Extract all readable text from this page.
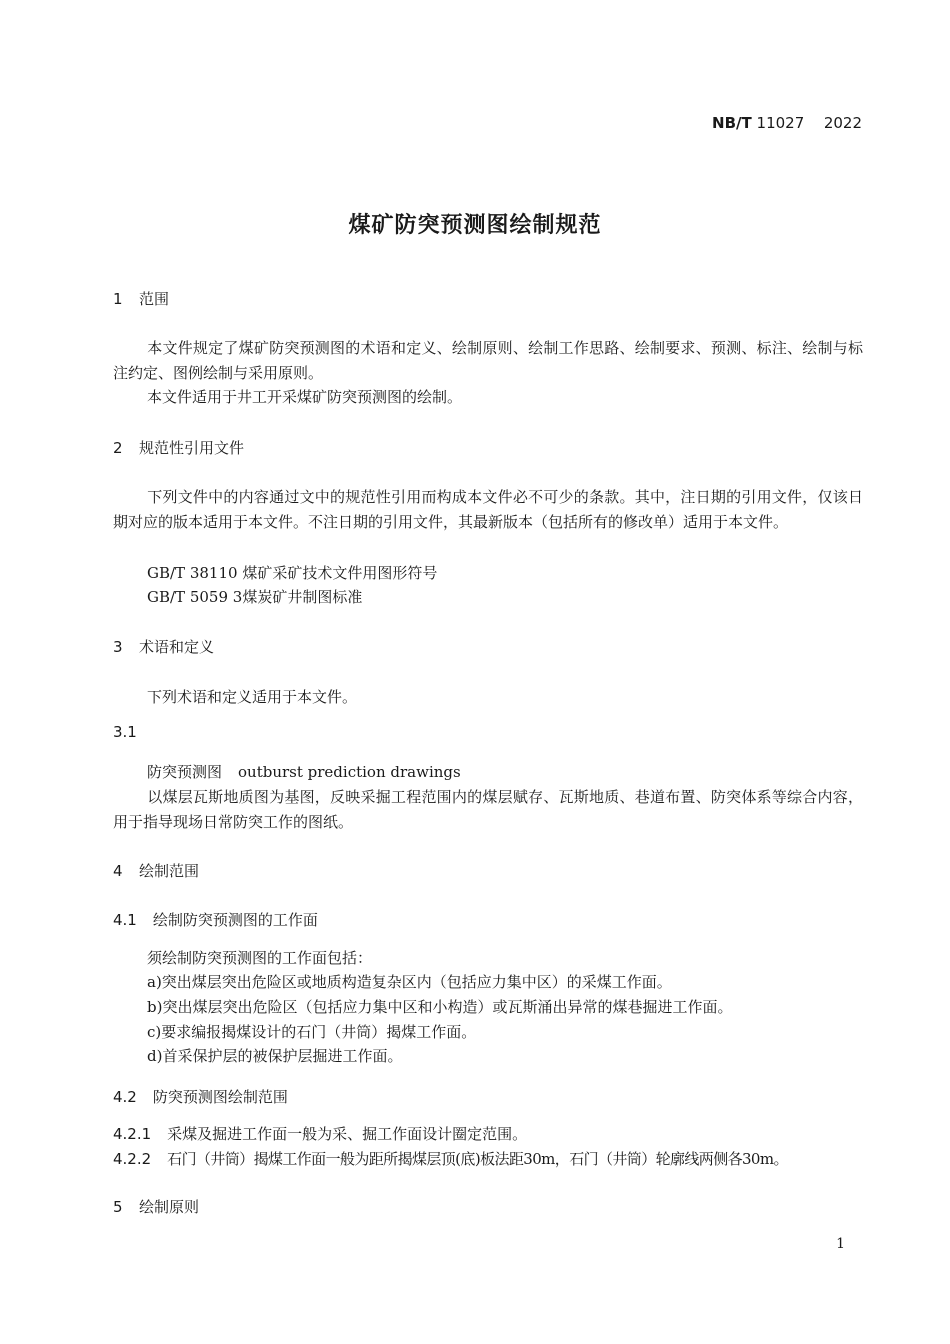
NB/T 11027 2022
煤矿防突预测图绘制规范
1 范围
本文件规定了煤矿防突预测图的术语和定义、绘制原则、绘制工作思路、绘制要求、预测、标注、绘制与标注约定、图例绘制与采用原则。
本文件适用于井工开采煤矿防突预测图的绘制。
2 规范性引用文件
下列文件中的内容通过文中的规范性引用而构成本文件必不可少的条款。其中，注日期的引用文件，仅该日期对应的版本适用于本文件。不注日期的引用文件，其最新版本（包括所有的修改单）适用于本文件。
GB/T 38110 煤矿采矿技术文件用图形符号
GB/T 5059 3煤炭矿井制图标准
3 术语和定义
下列术语和定义适用于本文件。
3.1
防突预测图 outburst prediction drawings
以煤层瓦斯地质图为基图，反映采掘工程范围内的煤层赋存、瓦斯地质、巷道布置、防突体系等综合内容，用于指导现场日常防突工作的图纸。
4 绘制范围
4.1 绘制防突预测图的工作面
须绘制防突预测图的工作面包括：
a)突出煤层突出危险区或地质构造复杂区内（包括应力集中区）的采煤工作面。
b)突出煤层突出危险区（包括应力集中区和小构造）或瓦斯涌出异常的煤巷掘进工作面。
c)要求编报揭煤设计的石门（井筒）揭煤工作面。
d)首采保护层的被保护层掘进工作面。
4.2 防突预测图绘制范围
4.2.1 采煤及掘进工作面一般为采、掘工作面设计圈定范围。
4.2.2 石门（井筒）揭煤工作面一般为距所揭煤层顶(底)板法距30m，石门（井筒）轮廓线两侧各30m。
5 绘制原则
1
